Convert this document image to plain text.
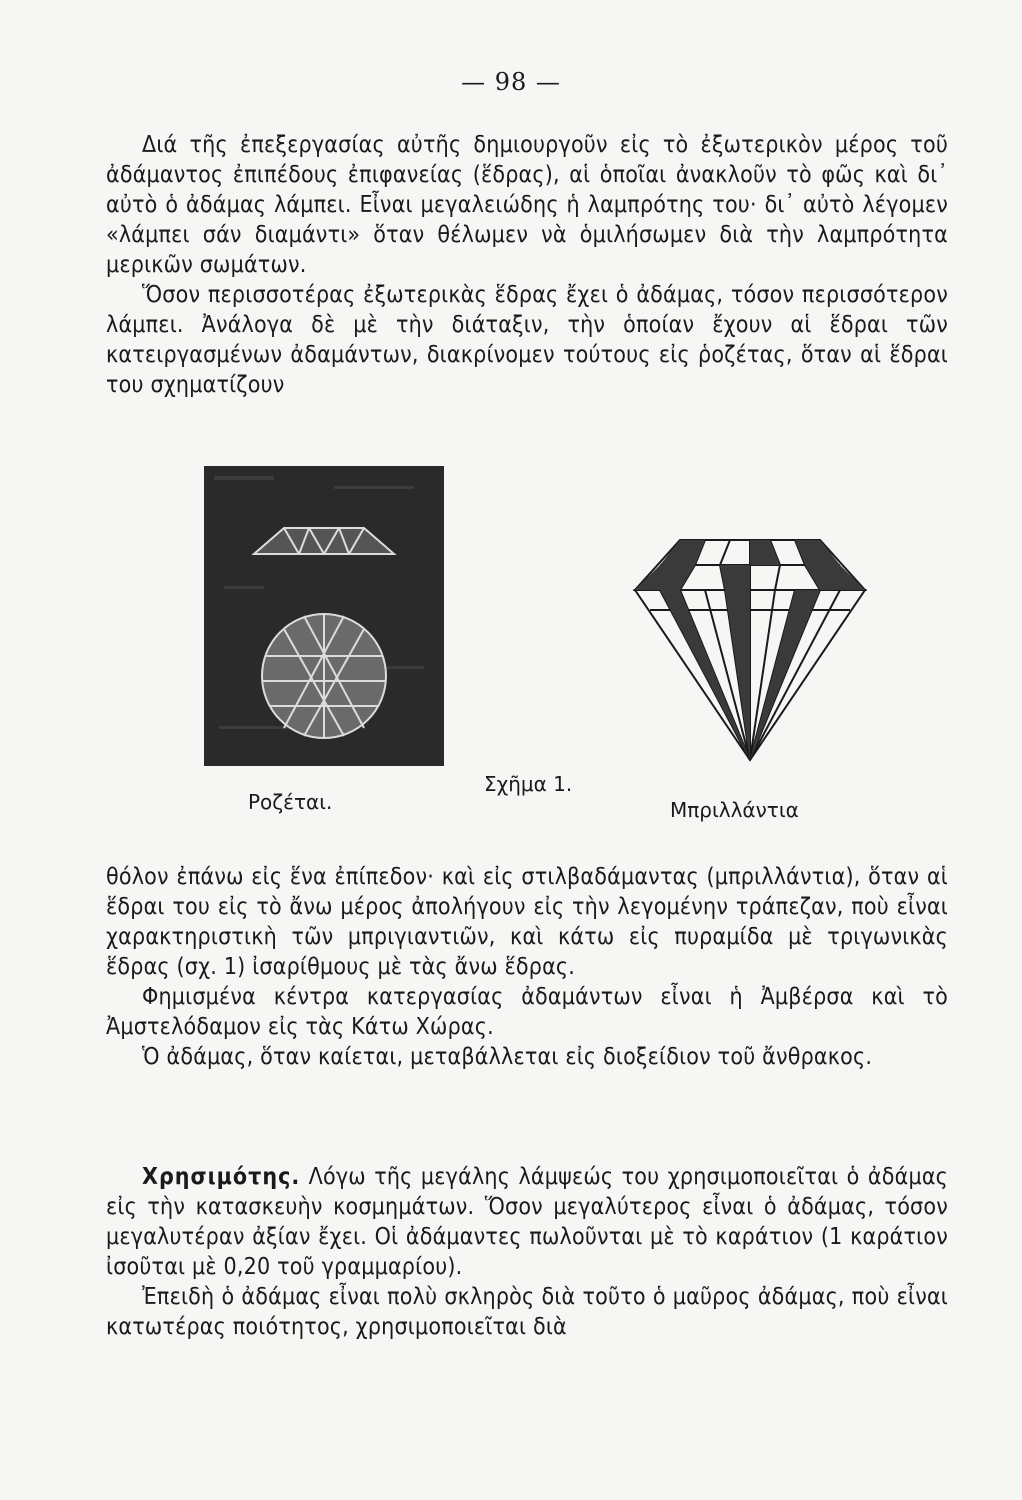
— 98 —

Διά τῆς ἐπεξεργασίας αὐτῆς δημιουργοῦν εἰς τὸ ἐξωτερικὸν μέρος τοῦ ἀδάμαντος ἐπιπέδους ἐπιφανείας (ἕδρας), αἱ ὁποῖαι ἀνακλοῦν τὸ φῶς καὶ δι᾽ αὐτὸ ὁ ἀδάμας λάμπει. Εἶναι μεγαλειώδης ἡ λαμπρότης του· δι᾽ αὐτὸ λέγομεν «λάμπει σάν διαμάντι» ὅταν θέλωμεν νὰ ὁμιλήσωμεν διὰ τὴν λαμπρότητα μερικῶν σωμάτων.

Ὅσον περισσοτέρας ἐξωτερικὰς ἕδρας ἔχει ὁ ἀδάμας, τόσον περισσότερον λάμπει. Ἀνάλογα δὲ μὲ τὴν διάταξιν, τὴν ὁποίαν ἔχουν αἱ ἕδραι τῶν κατειργασμένων ἀδαμάντων, διακρίνομεν τούτους εἰς ῥοζέτας, ὅταν αἱ ἕδραι του σχηματίζουν

Ροζέται.
Σχῆμα 1.
Μπριλλάντια

θόλον ἐπάνω εἰς ἕνα ἐπίπεδον· καὶ εἰς στιλβαδάμαντας (μπριλλάντια), ὅταν αἱ ἕδραι του εἰς τὸ ἄνω μέρος ἀπολήγουν εἰς τὴν λεγομένην τράπεζαν, ποὺ εἶναι χαρακτηριστικὴ τῶν μπριγιαντιῶν, καὶ κάτω εἰς πυραμίδα μὲ τριγωνικὰς ἕδρας (σχ. 1) ἰσαρίθμους μὲ τὰς ἄνω ἕδρας.

Φημισμένα κέντρα κατεργασίας ἀδαμάντων εἶναι ἡ Ἀμβέρσα καὶ τὸ Ἀμστελόδαμον εἰς τὰς Κάτω Χώρας.

Ὁ ἀδάμας, ὅταν καίεται, μεταβάλλεται εἰς διοξείδιον τοῦ ἄνθρακος.

Χρησιμότης. Λόγω τῆς μεγάλης λάμψεώς του χρησιμοποιεῖται ὁ ἀδάμας εἰς τὴν κατασκευὴν κοσμημάτων. Ὅσον μεγαλύτερος εἶναι ὁ ἀδάμας, τόσον μεγαλυτέραν ἀξίαν ἔχει. Οἱ ἀδάμαντες πωλοῦνται μὲ τὸ καράτιον (1 καράτιον ἰσοῦται μὲ 0,20 τοῦ γραμμαρίου).

Ἐπειδὴ ὁ ἀδάμας εἶναι πολὺ σκληρὸς διὰ τοῦτο ὁ μαῦρος ἀδάμας, ποὺ εἶναι κατωτέρας ποιότητος, χρησιμοποιεῖται διὰ
